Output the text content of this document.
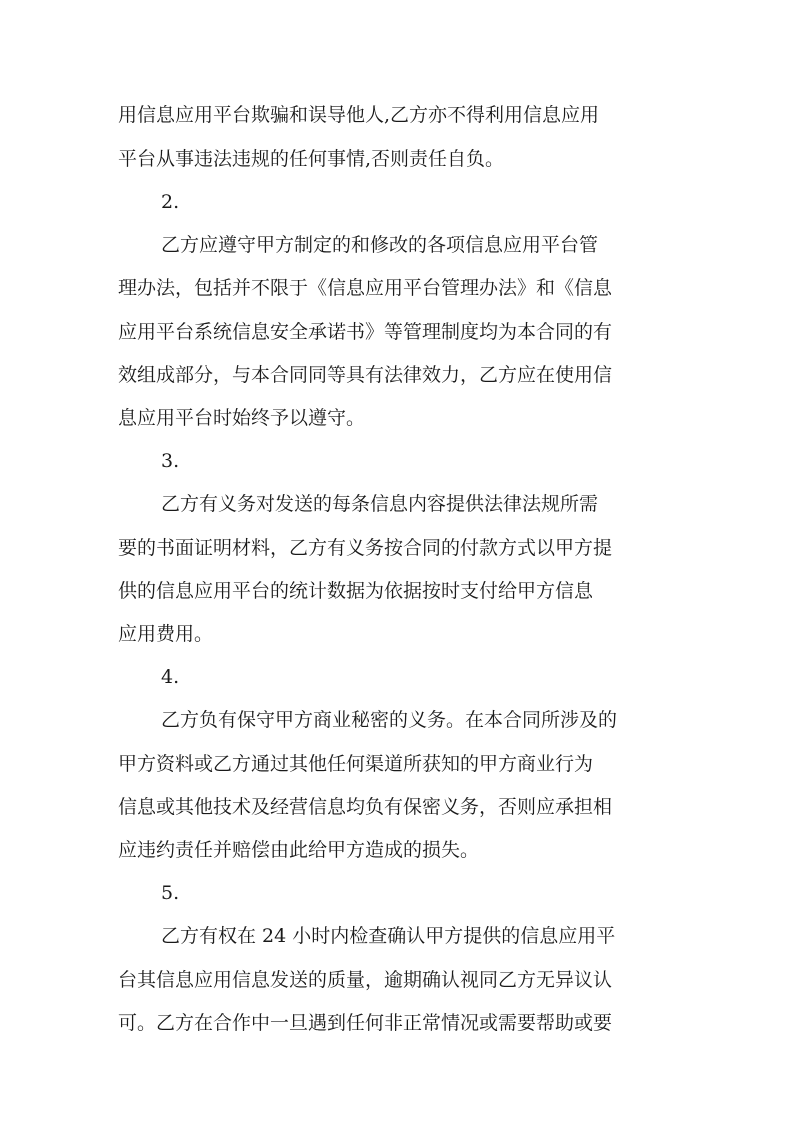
用信息应用平台欺骗和误导他人,乙方亦不得利用信息应用
平台从事违法违规的任何事情,否则责任自负。
2.
乙方应遵守甲方制定的和修改的各项信息应用平台管
理办法，包括并不限于《信息应用平台管理办法》和《信息
应用平台系统信息安全承诺书》等管理制度均为本合同的有
效组成部分，与本合同同等具有法律效力，乙方应在使用信
息应用平台时始终予以遵守。
3.
乙方有义务对发送的每条信息内容提供法律法规所需
要的书面证明材料，乙方有义务按合同的付款方式以甲方提
供的信息应用平台的统计数据为依据按时支付给甲方信息
应用费用。
4.
乙方负有保守甲方商业秘密的义务。在本合同所涉及的
甲方资料或乙方通过其他任何渠道所获知的甲方商业行为
信息或其他技术及经营信息均负有保密义务，否则应承担相
应违约责任并赔偿由此给甲方造成的损失。
5.
乙方有权在 24 小时内检查确认甲方提供的信息应用平
台其信息应用信息发送的质量，逾期确认视同乙方无异议认
可。乙方在合作中一旦遇到任何非正常情况或需要帮助或要
